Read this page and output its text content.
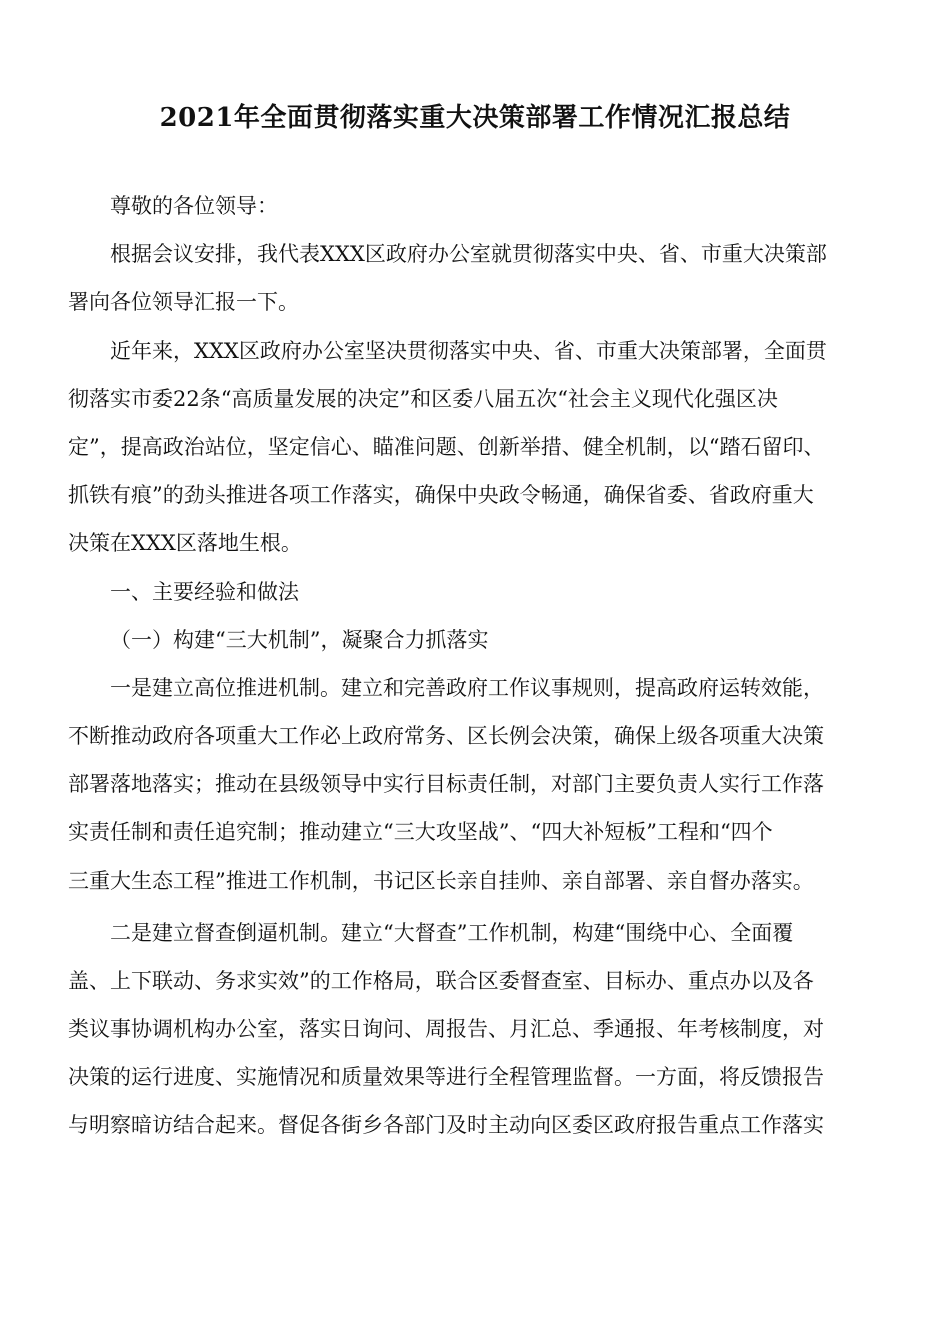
2021年全面贯彻落实重大决策部署工作情况汇报总结

尊敬的各位领导：

根据会议安排，我代表XXX区政府办公室就贯彻落实中央、省、市重大决策部
署向各位领导汇报一下。

近年来，XXX区政府办公室坚决贯彻落实中央、省、市重大决策部署，全面贯
彻落实市委22条“高质量发展的决定”和区委八届五次“社会主义现代化强区决
定”，提高政治站位，坚定信心、瞄准问题、创新举措、健全机制，以“踏石留印、
抓铁有痕”的劲头推进各项工作落实，确保中央政令畅通，确保省委、省政府重大
决策在XXX区落地生根。

一、主要经验和做法

（一）构建“三大机制”，凝聚合力抓落实

一是建立高位推进机制。建立和完善政府工作议事规则，提高政府运转效能，
不断推动政府各项重大工作必上政府常务、区长例会决策，确保上级各项重大决策
部署落地落实；推动在县级领导中实行目标责任制，对部门主要负责人实行工作落
实责任制和责任追究制；推动建立“三大攻坚战”、“四大补短板”工程和“四个
三重大生态工程”推进工作机制，书记区长亲自挂帅、亲自部署、亲自督办落实。

二是建立督查倒逼机制。建立“大督查”工作机制，构建“围绕中心、全面覆
盖、上下联动、务求实效”的工作格局，联合区委督查室、目标办、重点办以及各
类议事协调机构办公室，落实日询问、周报告、月汇总、季通报、年考核制度，对
决策的运行进度、实施情况和质量效果等进行全程管理监督。一方面，将反馈报告
与明察暗访结合起来。督促各街乡各部门及时主动向区委区政府报告重点工作落实
